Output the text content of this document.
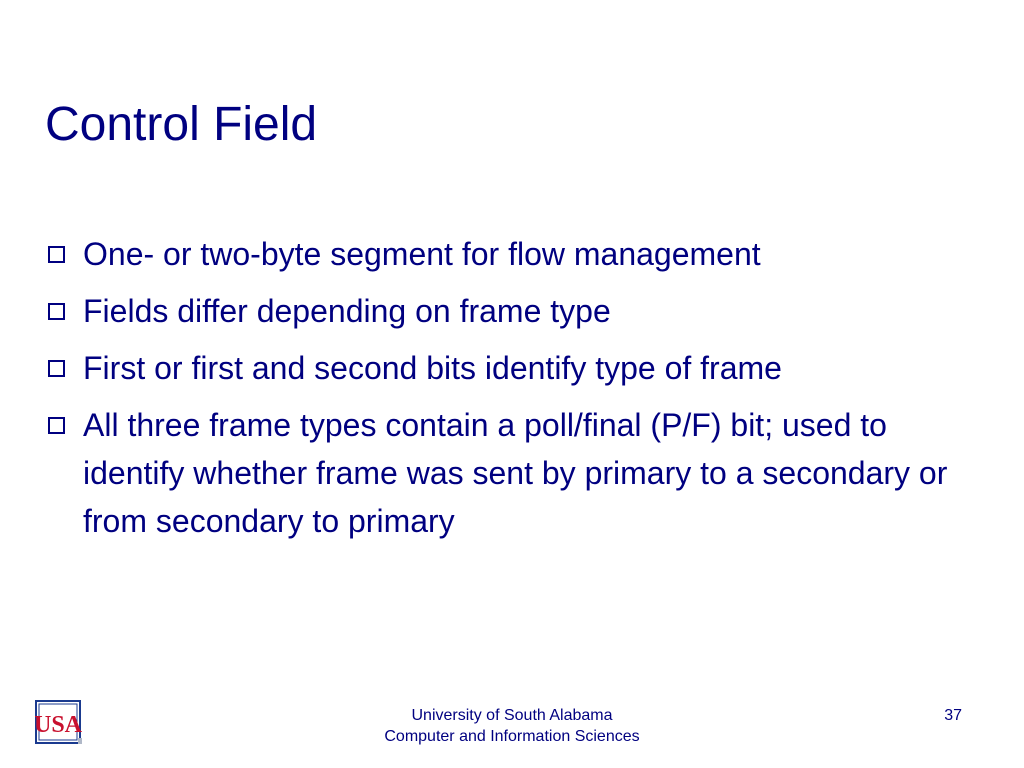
Control Field
One- or two-byte segment for flow management
Fields differ depending on frame type
First or first and second bits identify type of frame
All three frame types contain a poll/final (P/F) bit; used to identify whether frame was sent by primary to a secondary or from secondary to primary
USA	University of South Alabama
Computer and Information Sciences
37
